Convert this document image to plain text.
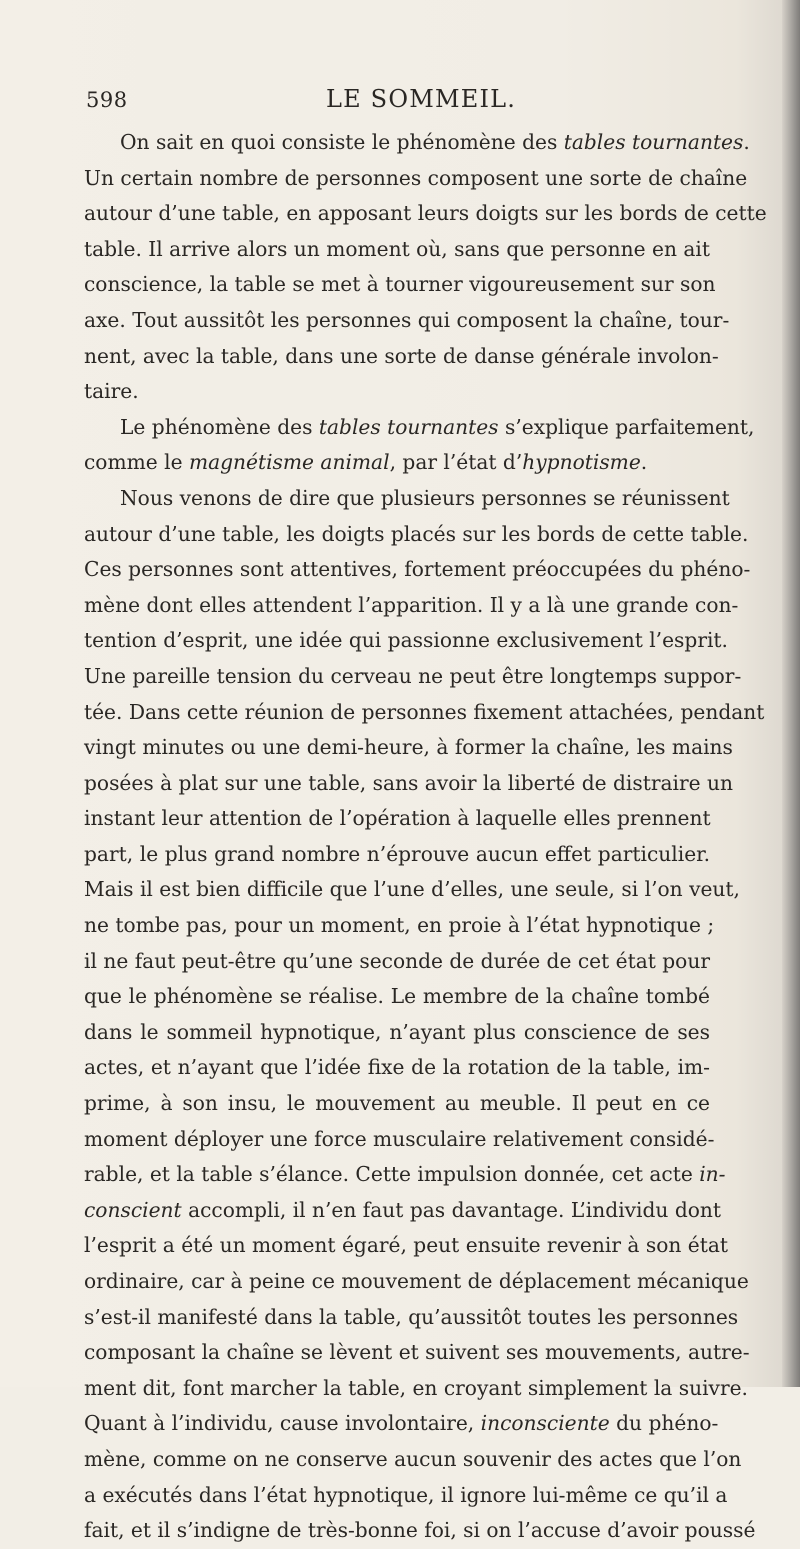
598	LE SOMMEIL.
On sait en quoi consiste le phénomène des tables tournantes.
Un certain nombre de personnes composent une sorte de chaîne
autour d’une table, en apposant leurs doigts sur les bords de cette
table. Il arrive alors un moment où, sans que personne en ait
conscience, la table se met à tourner vigoureusement sur son
axe. Tout aussitôt les personnes qui composent la chaîne, tour-
nent, avec la table, dans une sorte de danse générale involon-
taire.
Le phénomène des tables tournantes s’explique parfaitement,
comme le magnétisme animal, par l’état d’hypnotisme.
Nous venons de dire que plusieurs personnes se réunissent
autour d’une table, les doigts placés sur les bords de cette table.
Ces personnes sont attentives, fortement préoccupées du phéno-
mène dont elles attendent l’apparition. Il y a là une grande con-
tention d’esprit, une idée qui passionne exclusivement l’esprit.
Une pareille tension du cerveau ne peut être longtemps suppor-
tée. Dans cette réunion de personnes fixement attachées, pendant
vingt minutes ou une demi-heure, à former la chaîne, les mains
posées à plat sur une table, sans avoir la liberté de distraire un
instant leur attention de l’opération à laquelle elles prennent
part, le plus grand nombre n’éprouve aucun effet particulier.
Mais il est bien difficile que l’une d’elles, une seule, si l’on veut,
ne tombe pas, pour un moment, en proie à l’état hypnotique ;
il ne faut peut-être qu’une seconde de durée de cet état pour
que le phénomène se réalise. Le membre de la chaîne tombé
dans le sommeil hypnotique, n’ayant plus conscience de ses
actes, et n’ayant que l’idée fixe de la rotation de la table, im-
prime, à son insu, le mouvement au meuble. Il peut en ce
moment déployer une force musculaire relativement considé-
rable, et la table s’élance. Cette impulsion donnée, cet acte in-
conscient accompli, il n’en faut pas davantage. L’individu dont
l’esprit a été un moment égaré, peut ensuite revenir à son état
ordinaire, car à peine ce mouvement de déplacement mécanique
s’est-il manifesté dans la table, qu’aussitôt toutes les personnes
composant la chaîne se lèvent et suivent ses mouvements, autre-
ment dit, font marcher la table, en croyant simplement la suivre.
Quant à l’individu, cause involontaire, inconsciente du phéno-
mène, comme on ne conserve aucun souvenir des actes que l’on
a exécutés dans l’état hypnotique, il ignore lui-même ce qu’il a
fait, et il s’indigne de très-bonne foi, si on l’accuse d’avoir poussé
